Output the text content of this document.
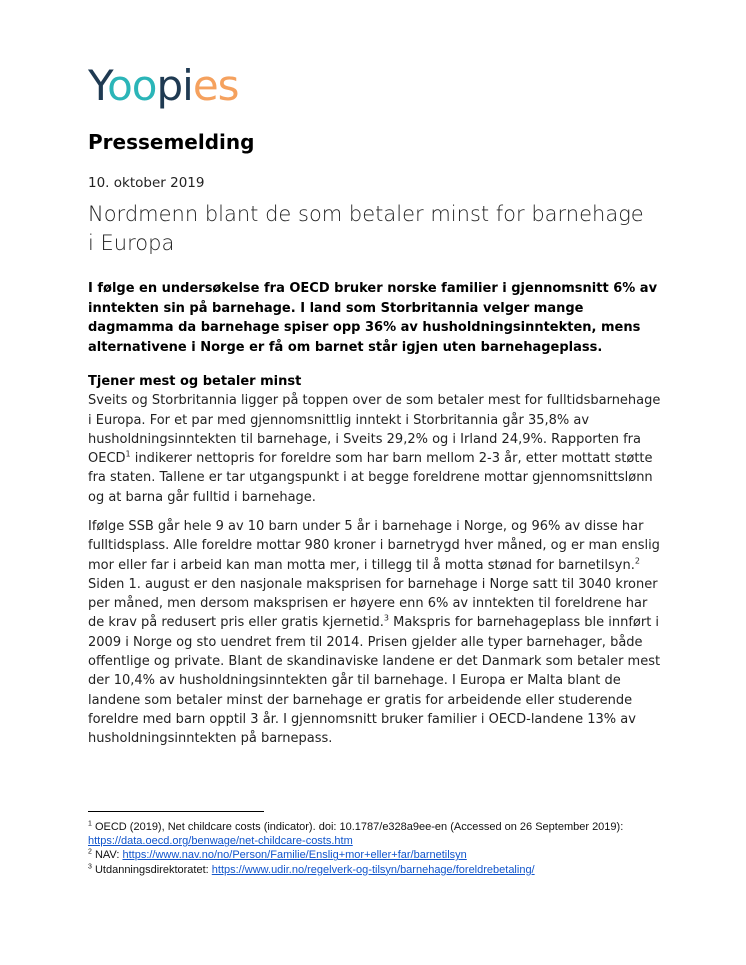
Yoopies
Pressemelding
10. oktober 2019
Nordmenn blant de som betaler minst for barnehage i Europa
I følge en undersøkelse fra OECD bruker norske familier i gjennomsnitt 6% av inntekten sin på barnehage. I land som Storbritannia velger mange dagmamma da barnehage spiser opp 36% av husholdningsinntekten, mens alternativene i Norge er få om barnet står igjen uten barnehageplass.
Tjener mest og betaler minst

Sveits og Storbritannia ligger på toppen over de som betaler mest for fulltidsbarnehage i Europa. For et par med gjennomsnittlig inntekt i Storbritannia går 35,8% av husholdningsinntekten til barnehage, i Sveits 29,2% og i Irland 24,9%. Rapporten fra OECD$^1$ indikerer nettopris for foreldre som har barn mellom 2-3 år, etter mottatt støtte fra staten. Tallene er tar utgangspunkt i at begge foreldrene mottar gjennomsnittslønn og at barna går fulltid i barnehage.

Ifølge SSB går hele 9 av 10 barn under 5 år i barnehage i Norge, og 96% av disse har fulltidsplass. Alle foreldre mottar 980 kroner i barnetrygd hver måned, og er man enslig mor eller far i arbeid kan man motta mer, i tillegg til å motta stønad for barnetilsyn.$^2$ Siden 1. august er den nasjonale maksprisen for barnehage i Norge satt til 3040 kroner per måned, men dersom maksprisen er høyere enn 6% av inntekten til foreldrene har de krav på redusert pris eller gratis kjernetid.$^3$ Makspris for barnehageplass ble innført i 2009 i Norge og sto uendret frem til 2014. Prisen gjelder alle typer barnehager, både offentlige og private. Blant de skandinaviske landene er det Danmark som betaler mest der 10,4% av husholdningsinntekten går til barnehage. I Europa er Malta blant de landene som betaler minst der barnehage er gratis for arbeidende eller studerende foreldre med barn opptil 3 år. I gjennomsnitt bruker familier i OECD-landene 13% av husholdningsinntekten på barnepass.

$^1$ OECD (2019), Net childcare costs (indicator). doi: 10.1787/e328a9ee-en (Accessed on 26 September 2019): https://data.oecd.org/benwage/net-childcare-costs.htm
$^2$ NAV: https://www.nav.no/no/Person/Familie/Enslig+mor+eller+far/barnetilsyn
$^3$ Utdanningsdirektoratet: https://www.udir.no/regelverk-og-tilsyn/barnehage/foreldrebetaling/
